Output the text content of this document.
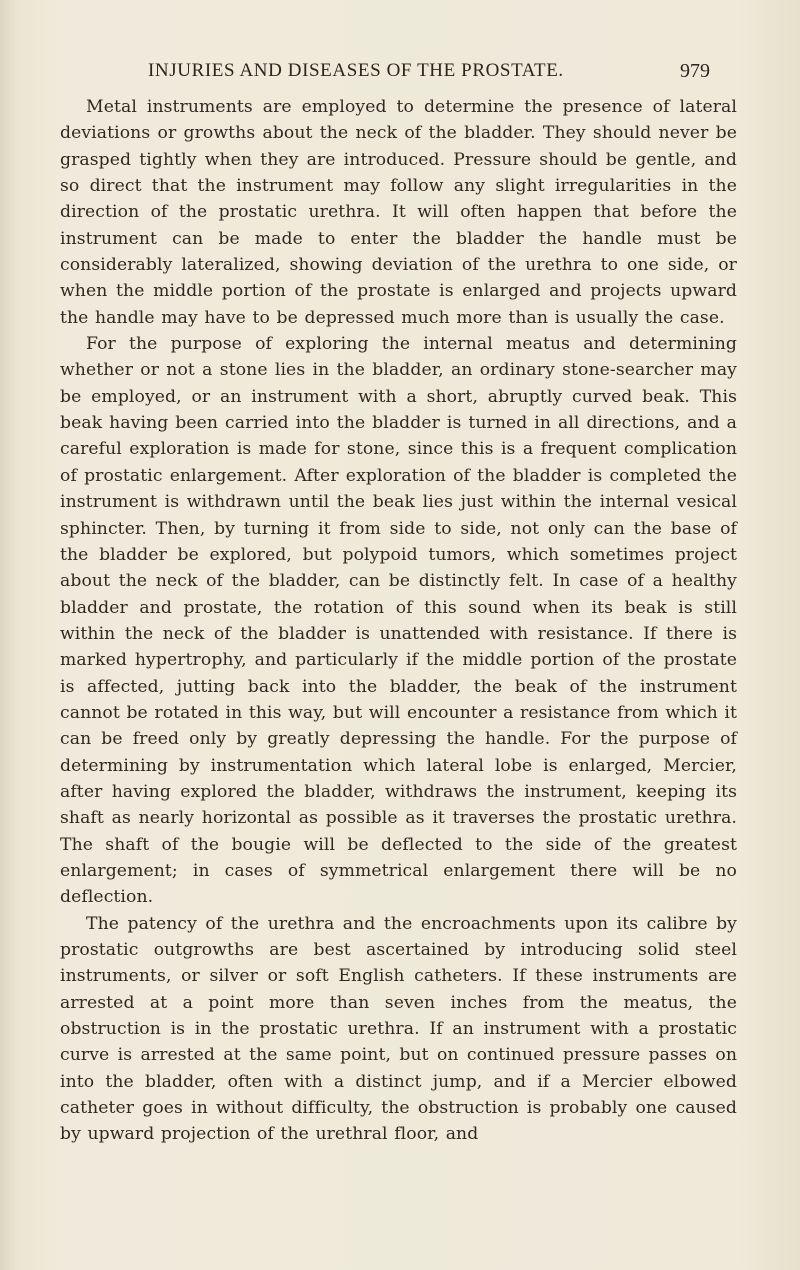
INJURIES AND DISEASES OF THE PROSTATE.	979

Metal instruments are employed to determine the presence of lateral deviations or growths about the neck of the bladder. They should never be grasped tightly when they are introduced. Pressure should be gentle, and so direct that the instrument may follow any slight irregularities in the direction of the prostatic urethra. It will often happen that before the instrument can be made to enter the bladder the handle must be considerably lateralized, showing deviation of the urethra to one side, or when the middle portion of the prostate is enlarged and projects upward the handle may have to be depressed much more than is usually the case.

For the purpose of exploring the internal meatus and determining whether or not a stone lies in the bladder, an ordinary stone-searcher may be employed, or an instrument with a short, abruptly curved beak. This beak having been carried into the bladder is turned in all directions, and a careful exploration is made for stone, since this is a frequent complication of prostatic enlargement. After exploration of the bladder is completed the instrument is withdrawn until the beak lies just within the internal vesical sphincter. Then, by turning it from side to side, not only can the base of the bladder be explored, but polypoid tumors, which sometimes project about the neck of the bladder, can be distinctly felt. In case of a healthy bladder and prostate, the rotation of this sound when its beak is still within the neck of the bladder is unattended with resistance. If there is marked hypertrophy, and particularly if the middle portion of the prostate is affected, jutting back into the bladder, the beak of the instrument cannot be rotated in this way, but will encounter a resistance from which it can be freed only by greatly depressing the handle. For the purpose of determining by instrumentation which lateral lobe is enlarged, Mercier, after having explored the bladder, withdraws the instrument, keeping its shaft as nearly horizontal as possible as it traverses the prostatic urethra. The shaft of the bougie will be deflected to the side of the greatest enlargement; in cases of symmetrical enlargement there will be no deflection.

The patency of the urethra and the encroachments upon its calibre by prostatic outgrowths are best ascertained by introducing solid steel instruments, or silver or soft English catheters. If these instruments are arrested at a point more than seven inches from the meatus, the obstruction is in the prostatic urethra. If an instrument with a prostatic curve is arrested at the same point, but on continued pressure passes on into the bladder, often with a distinct jump, and if a Mercier elbowed catheter goes in without difficulty, the obstruction is probably one caused by upward projection of the urethral floor, and
